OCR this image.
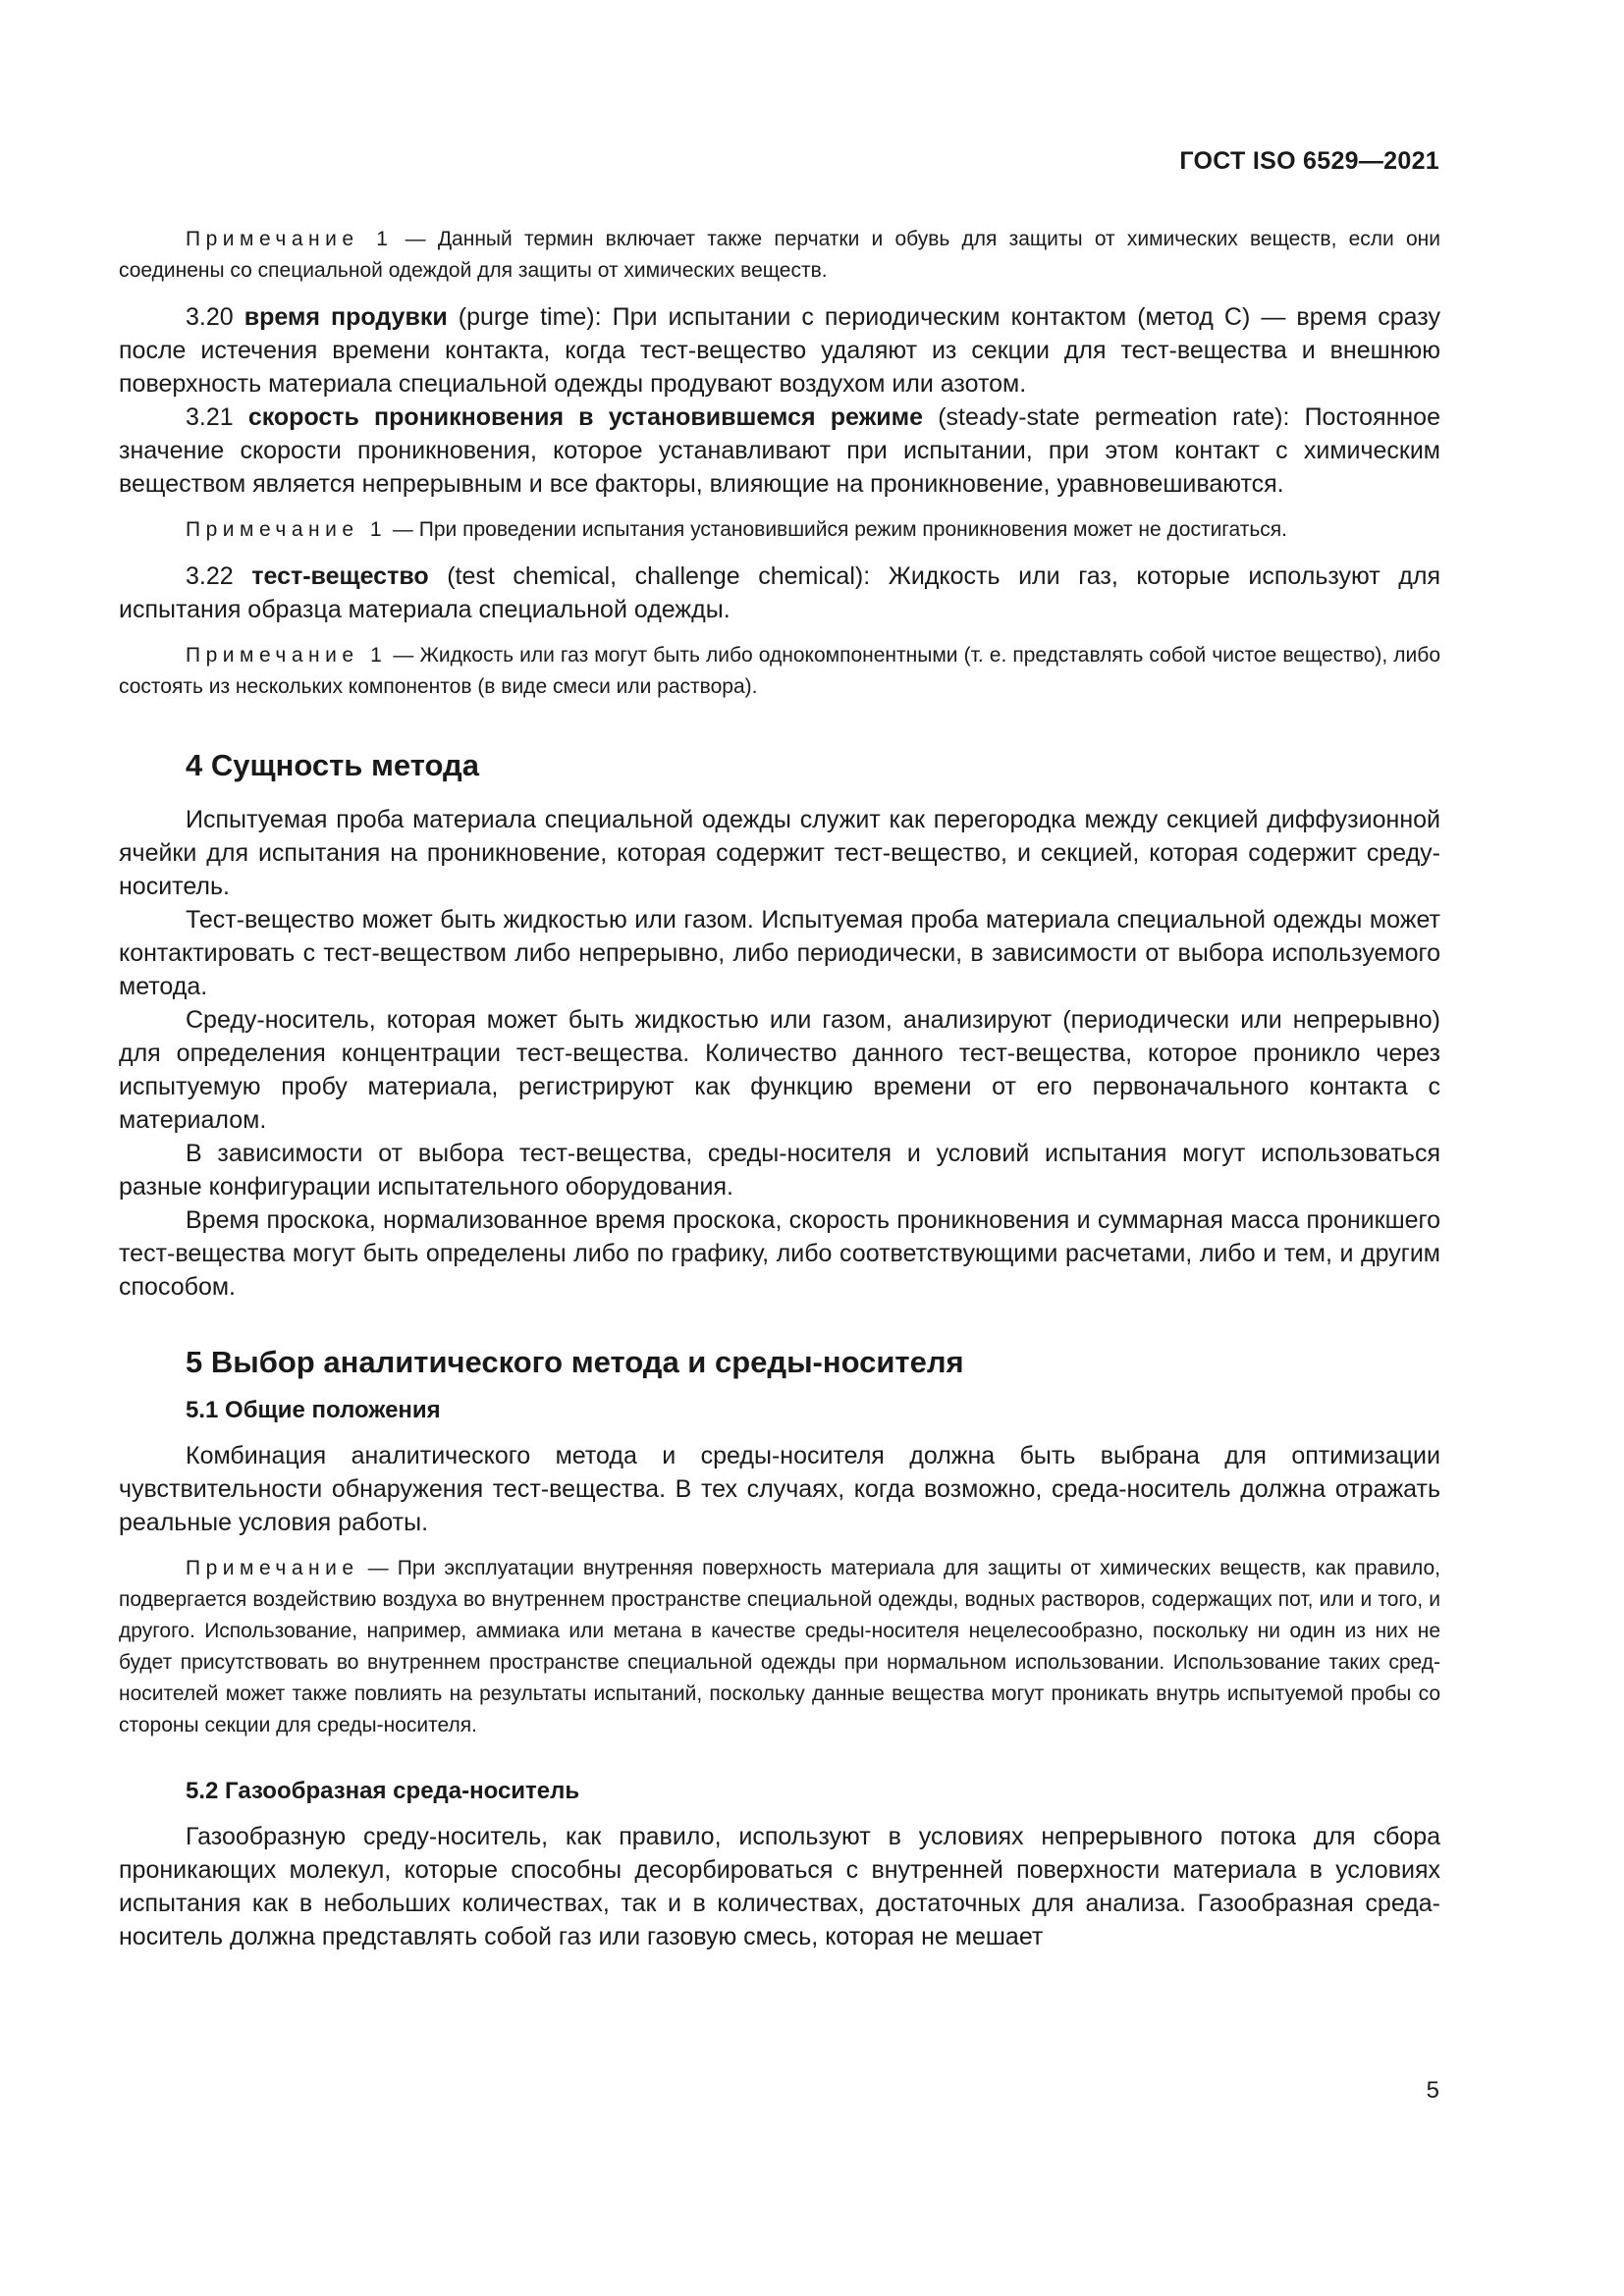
ГОСТ ISO 6529—2021

Примечание 1 — Данный термин включает также перчатки и обувь для защиты от химических веществ, если они соединены со специальной одеждой для защиты от химических веществ.

3.20 время продувки (purge time): При испытании с периодическим контактом (метод С) — время сразу после истечения времени контакта, когда тест-вещество удаляют из секции для тест-вещества и внешнюю поверхность материала специальной одежды продувают воздухом или азотом.

3.21 скорость проникновения в установившемся режиме (steady-state permeation rate): Постоянное значение скорости проникновения, которое устанавливают при испытании, при этом контакт с химическим веществом является непрерывным и все факторы, влияющие на проникновение, уравновешиваются.

Примечание 1 — При проведении испытания установившийся режим проникновения может не достигаться.

3.22 тест-вещество (test chemical, challenge chemical): Жидкость или газ, которые используют для испытания образца материала специальной одежды.

Примечание 1 — Жидкость или газ могут быть либо однокомпонентными (т. е. представлять собой чистое вещество), либо состоять из нескольких компонентов (в виде смеси или раствора).

4 Сущность метода

Испытуемая проба материала специальной одежды служит как перегородка между секцией диффузионной ячейки для испытания на проникновение, которая содержит тест-вещество, и секцией, которая содержит среду-носитель.

Тест-вещество может быть жидкостью или газом. Испытуемая проба материала специальной одежды может контактировать с тест-веществом либо непрерывно, либо периодически, в зависимости от выбора используемого метода.

Среду-носитель, которая может быть жидкостью или газом, анализируют (периодически или непрерывно) для определения концентрации тест-вещества. Количество данного тест-вещества, которое проникло через испытуемую пробу материала, регистрируют как функцию времени от его первоначального контакта с материалом.

В зависимости от выбора тест-вещества, среды-носителя и условий испытания могут использоваться разные конфигурации испытательного оборудования.

Время проскока, нормализованное время проскока, скорость проникновения и суммарная масса проникшего тест-вещества могут быть определены либо по графику, либо соответствующими расчетами, либо и тем, и другим способом.

5 Выбор аналитического метода и среды-носителя
5.1 Общие положения

Комбинация аналитического метода и среды-носителя должна быть выбрана для оптимизации чувствительности обнаружения тест-вещества. В тех случаях, когда возможно, среда-носитель должна отражать реальные условия работы.

Примечание — При эксплуатации внутренняя поверхность материала для защиты от химических веществ, как правило, подвергается воздействию воздуха во внутреннем пространстве специальной одежды, водных растворов, содержащих пот, или и того, и другого. Использование, например, аммиака или метана в качестве среды-носителя нецелесообразно, поскольку ни один из них не будет присутствовать во внутреннем пространстве специальной одежды при нормальном использовании. Использование таких сред-носителей может также повлиять на результаты испытаний, поскольку данные вещества могут проникать внутрь испытуемой пробы со стороны секции для среды-носителя.

5.2 Газообразная среда-носитель

Газообразную среду-носитель, как правило, используют в условиях непрерывного потока для сбора проникающих молекул, которые способны десорбироваться с внутренней поверхности материала в условиях испытания как в небольших количествах, так и в количествах, достаточных для анализа. Газообразная среда-носитель должна представлять собой газ или газовую смесь, которая не мешает

5
